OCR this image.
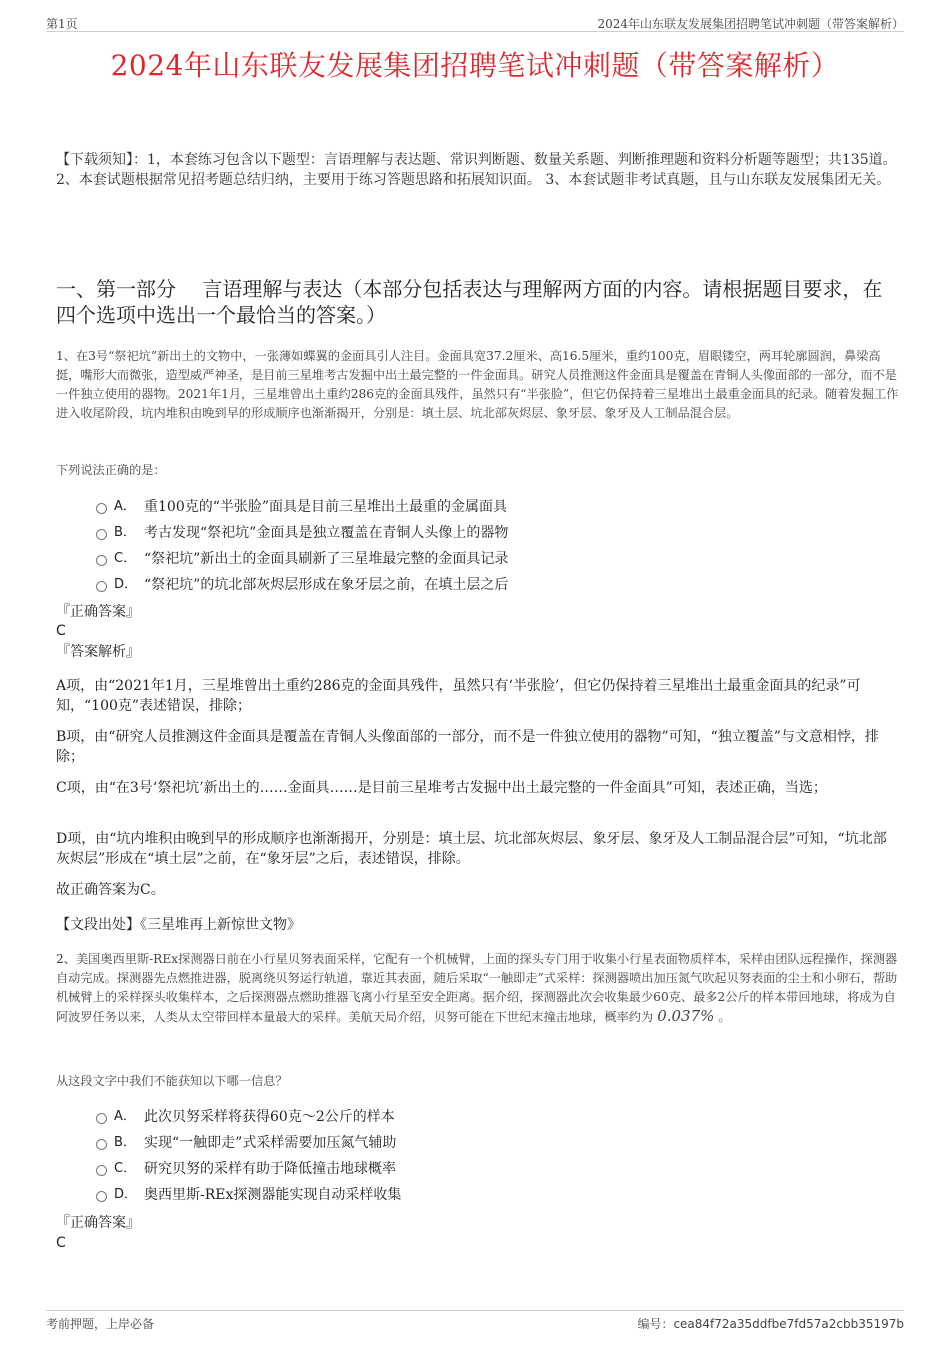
第1页	2024年山东联友发展集团招聘笔试冲刺题（带答案解析）
2024年山东联友发展集团招聘笔试冲刺题（带答案解析）
【下载须知】：1，本套练习包含以下题型：言语理解与表达题、常识判断题、数量关系题、判断推理题和资料分析题等题型；共135道。 2、本套试题根据常见招考题总结归纳，主要用于练习答题思路和拓展知识面。 3、本套试题非考试真题，且与山东联友发展集团无关。
一、第一部分　 言语理解与表达（本部分包括表达与理解两方面的内容。请根据题目要求，在四个选项中选出一个最恰当的答案。）
1、在3号“祭祀坑”新出土的文物中，一张薄如蝶翼的金面具引人注目。金面具宽37.2厘米、高16.5厘米，重约100克，眉眼镂空，两耳轮廓圆润，鼻梁高挺，嘴形大而微张，造型威严神圣，是目前三星堆考古发掘中出土最完整的一件金面具。研究人员推测这件金面具是覆盖在青铜人头像面部的一部分，而不是一件独立使用的器物。2021年1月，三星堆曾出土重约286克的金面具残件，虽然只有“半张脸”，但它仍保持着三星堆出土最重金面具的纪录。随着发掘工作进入收尾阶段，坑内堆积由晚到早的形成顺序也渐渐揭开，分别是：填土层、坑北部灰烬层、象牙层、象牙及人工制品混合层。
下列说法正确的是：
A． 重100克的“半张脸”面具是目前三星堆出土最重的金属面具
B． 考古发现“祭祀坑”金面具是独立覆盖在青铜人头像上的器物
C． “祭祀坑”新出土的金面具刷新了三星堆最完整的金面具记录
D． “祭祀坑”的坑北部灰烬层形成在象牙层之前，在填土层之后
『正确答案』
C
『答案解析』
A项，由“2021年1月，三星堆曾出土重约286克的金面具残件，虽然只有‘半张脸’，但它仍保持着三星堆出土最重金面具的纪录”可知，“100克”表述错误，排除；
B项，由“研究人员推测这件金面具是覆盖在青铜人头像面部的一部分，而不是一件独立使用的器物”可知，“独立覆盖”与文意相悖，排除；
C项，由“在3号‘祭祀坑’新出土的……金面具……是目前三星堆考古发掘中出土最完整的一件金面具”可知，表述正确，当选；
D项，由“坑内堆积由晚到早的形成顺序也渐渐揭开，分别是：填土层、坑北部灰烬层、象牙层、象牙及人工制品混合层”可知，“坑北部灰烬层”形成在“填土层”之前，在“象牙层”之后，表述错误，排除。
故正确答案为C。
【文段出处】《三星堆再上新惊世文物》
2、美国奥西里斯-REx探测器日前在小行星贝努表面采样，它配有一个机械臂，上面的探头专门用于收集小行星表面物质样本，采样由团队远程操作，探测器自动完成。探测器先点燃推进器，脱离绕贝努运行轨道，靠近其表面，随后采取“一触即走”式采样：探测器喷出加压氮气吹起贝努表面的尘土和小卵石，帮助机械臂上的采样探头收集样本，之后探测器点燃助推器飞离小行星至安全距离。据介绍，探测器此次会收集最少60克、最多2公斤的样本带回地球，将成为自阿波罗任务以来，人类从太空带回样本量最大的采样。美航天局介绍，贝努可能在下世纪末撞击地球，概率约为 0.037% 。
从这段文字中我们不能获知以下哪一信息？
A． 此次贝努采样将获得60克～2公斤的样本
B． 实现“一触即走”式采样需要加压氮气辅助
C． 研究贝努的采样有助于降低撞击地球概率
D． 奥西里斯-REx探测器能实现自动采样收集
『正确答案』
C
考前押题，上岸必备	编号：cea84f72a35ddfbe7fd57a2cbb35197b
